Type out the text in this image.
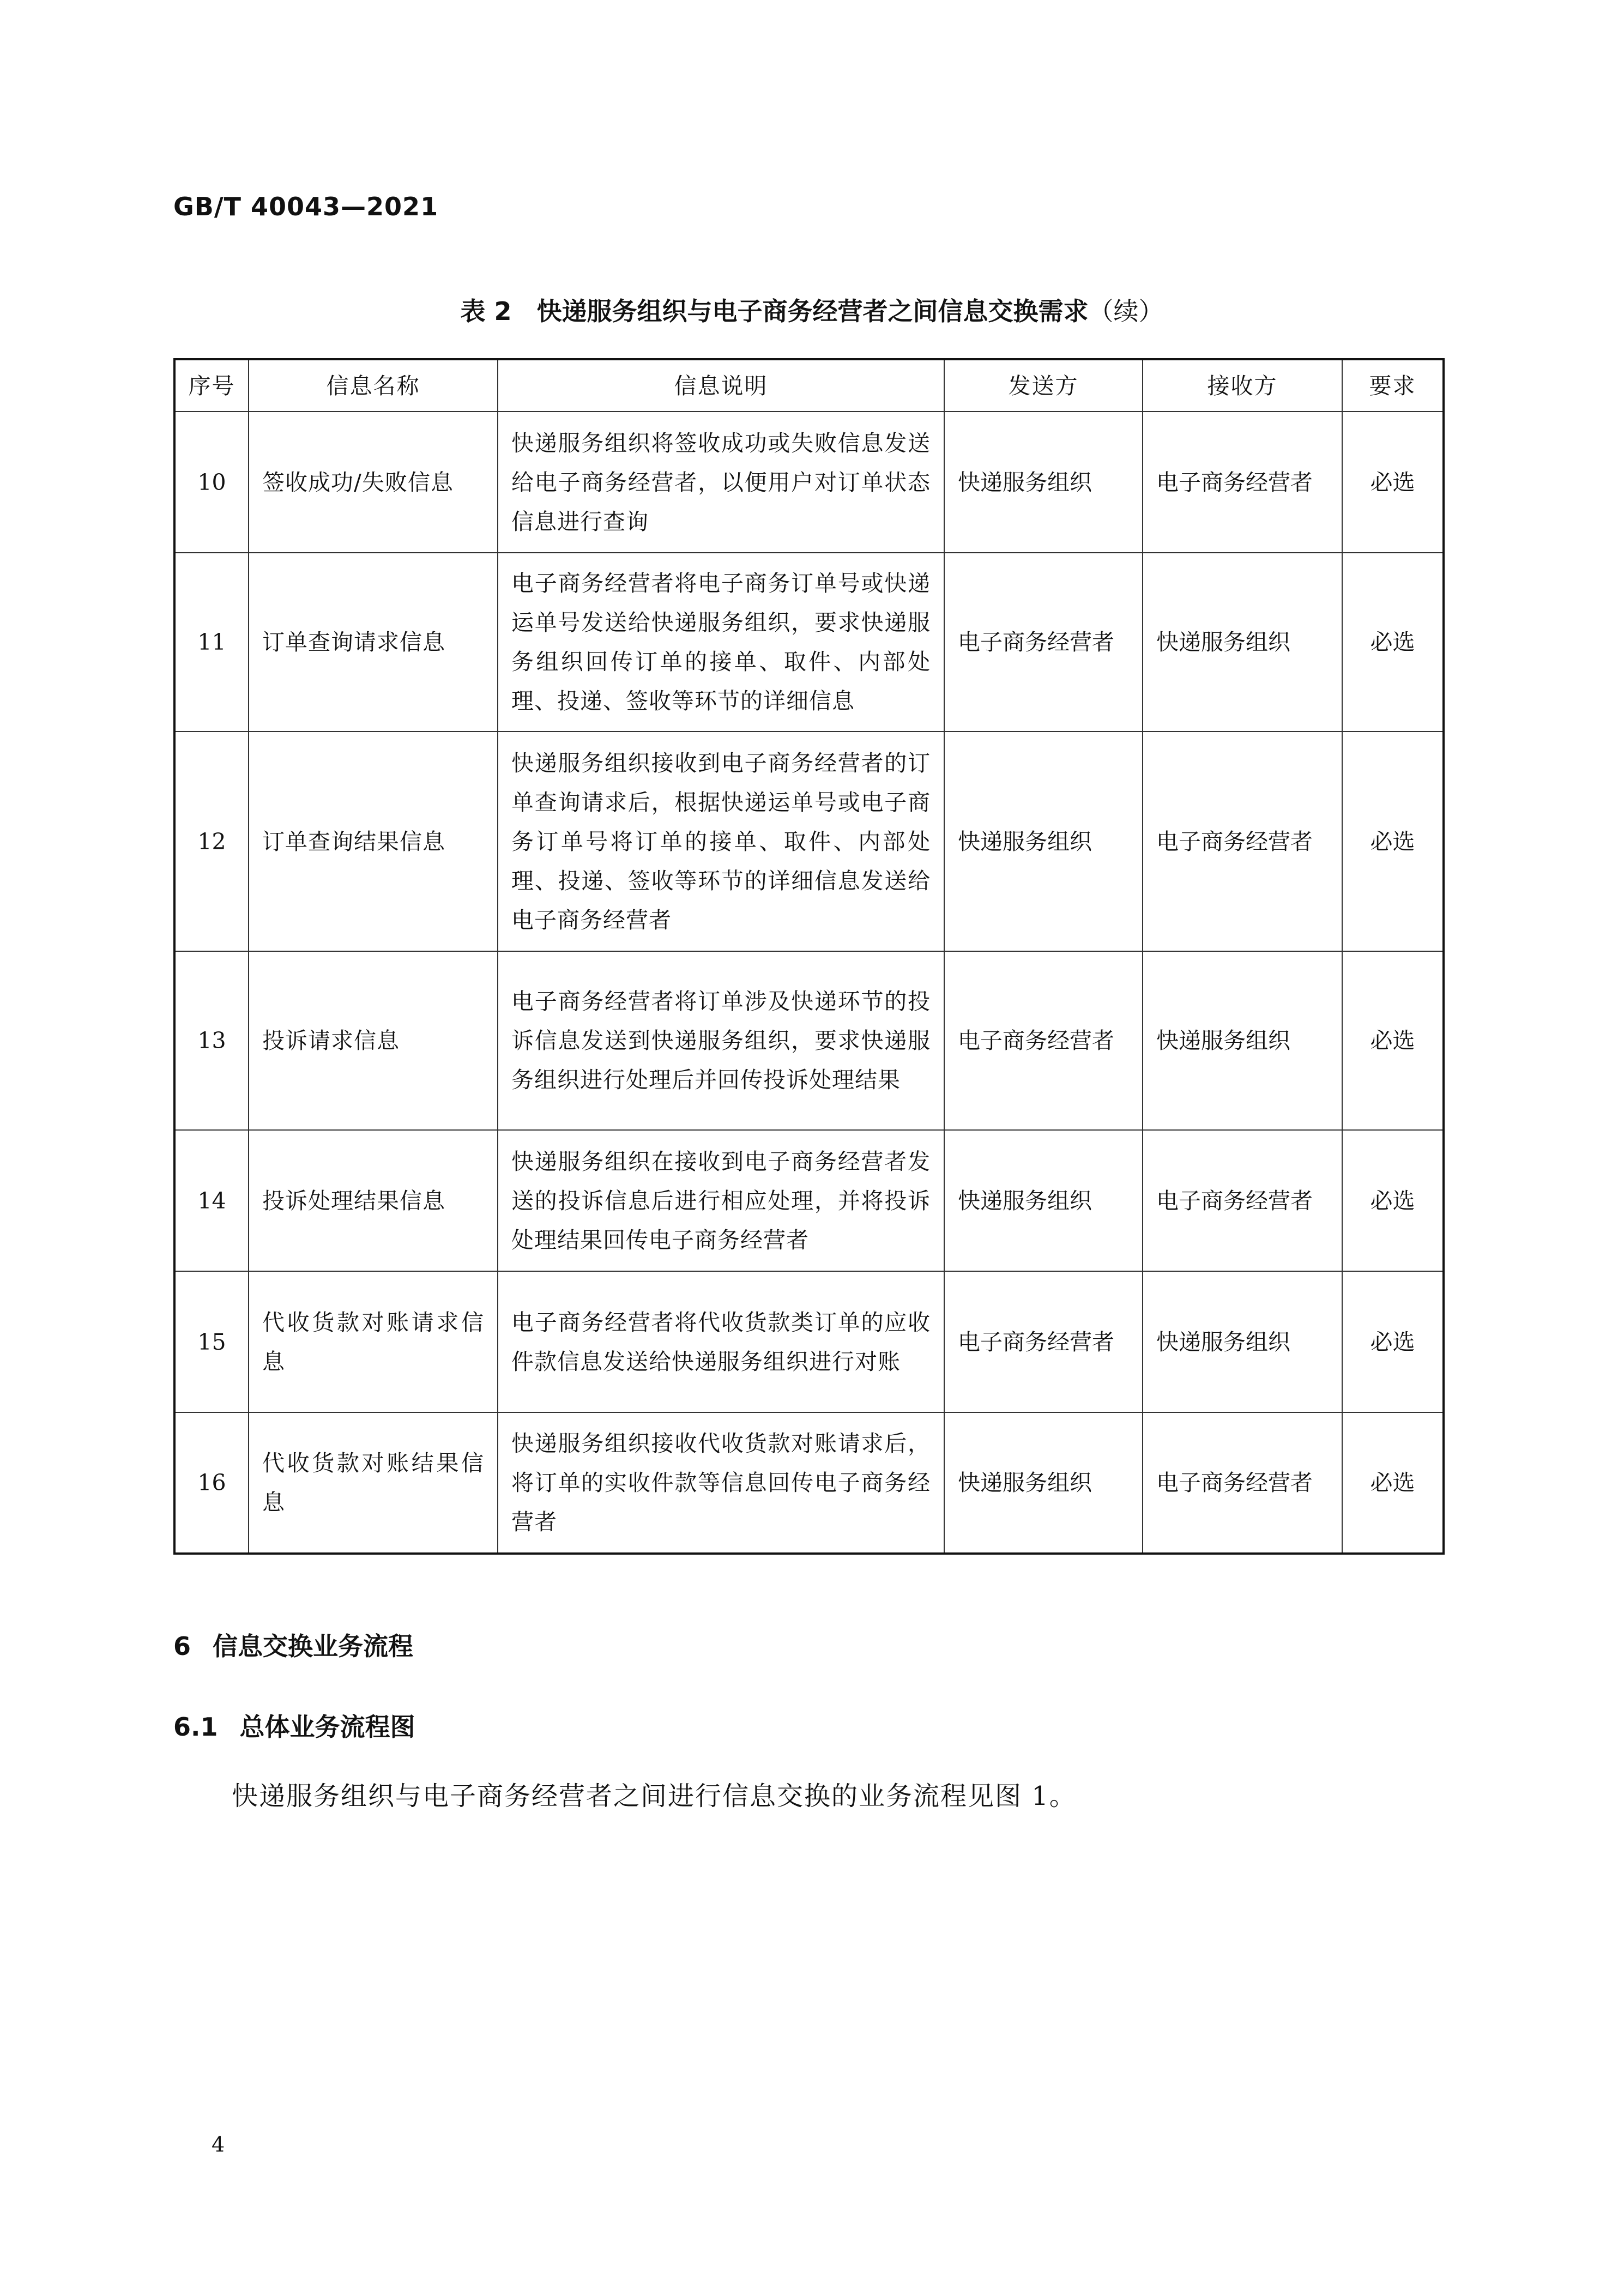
GB/T 40043—2021
表 2　快递服务组织与电子商务经营者之间信息交换需求（续）
序号	信息名称	信息说明	发送方	接收方	要求
10	签收成功/失败信息	快递服务组织将签收成功或失败信息发送给电子商务经营者，以便用户对订单状态信息进行查询	快递服务组织	电子商务经营者	必选
11	订单查询请求信息	电子商务经营者将电子商务订单号或快递运单号发送给快递服务组织，要求快递服务组织回传订单的接单、取件、内部处理、投递、签收等环节的详细信息	电子商务经营者	快递服务组织	必选
12	订单查询结果信息	快递服务组织接收到电子商务经营者的订单查询请求后，根据快递运单号或电子商务订单号将订单的接单、取件、内部处理、投递、签收等环节的详细信息发送给电子商务经营者	快递服务组织	电子商务经营者	必选
13	投诉请求信息	电子商务经营者将订单涉及快递环节的投诉信息发送到快递服务组织，要求快递服务组织进行处理后并回传投诉处理结果	电子商务经营者	快递服务组织	必选
14	投诉处理结果信息	快递服务组织在接收到电子商务经营者发送的投诉信息后进行相应处理，并将投诉处理结果回传电子商务经营者	快递服务组织	电子商务经营者	必选
15	代收货款对账请求信息	电子商务经营者将代收货款类订单的应收件款信息发送给快递服务组织进行对账	电子商务经营者	快递服务组织	必选
16	代收货款对账结果信息	快递服务组织接收代收货款对账请求后，将订单的实收件款等信息回传电子商务经营者	快递服务组织	电子商务经营者	必选
6 信息交换业务流程
6.1 总体业务流程图
快递服务组织与电子商务经营者之间进行信息交换的业务流程见图 1。
4
